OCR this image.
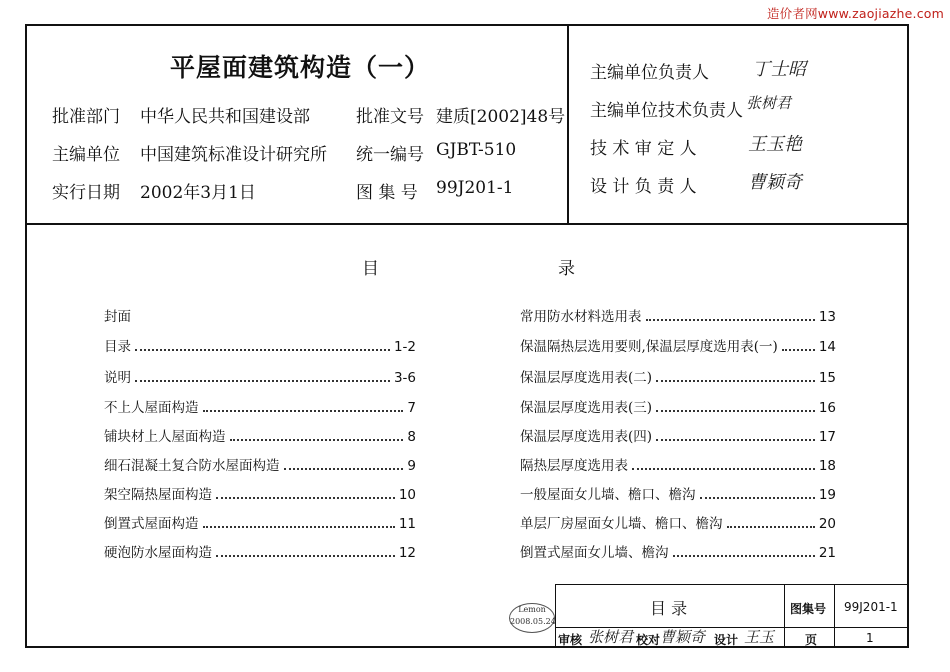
造价者网www.zaojiazhe.com
平屋面建筑构造（一）
批准部门 中华人民共和国建设部	批准文号 建质[2002]48号
主编单位 中国建筑标准设计研究所 统一编号 GJBT-510
实行日期 2002年3月1日	图 集 号 99J201-1
主编单位负责人 丁士昭
主编单位技术负责人 张树君
技 术 审 定 人	王玉艳
设 计 负 责 人	曹颖奇
目	录
封面
目录	1-2
说明	3-6
不上人屋面构造	7
铺块材上人屋面构造	8
细石混凝土复合防水屋面构造	9
架空隔热屋面构造	10
倒置式屋面构造	11
硬泡防水屋面构造	12
常用防水材料选用表	13
保温隔热层选用要则,保温层厚度选用表(一)	14
保温层厚度选用表(二)	15
保温层厚度选用表(三)	16
保温层厚度选用表(四)	17
隔热层厚度选用表	18
一般屋面女儿墙、檐口、檐沟	19
单层厂房屋面女儿墙、檐口、檐沟	20
倒置式屋面女儿墙、檐沟	21
Lemon
2008.05.24
目 录	图集号 99J201-1
审核 张树君 校对 曹颖奇 设计 王玉	页	1
